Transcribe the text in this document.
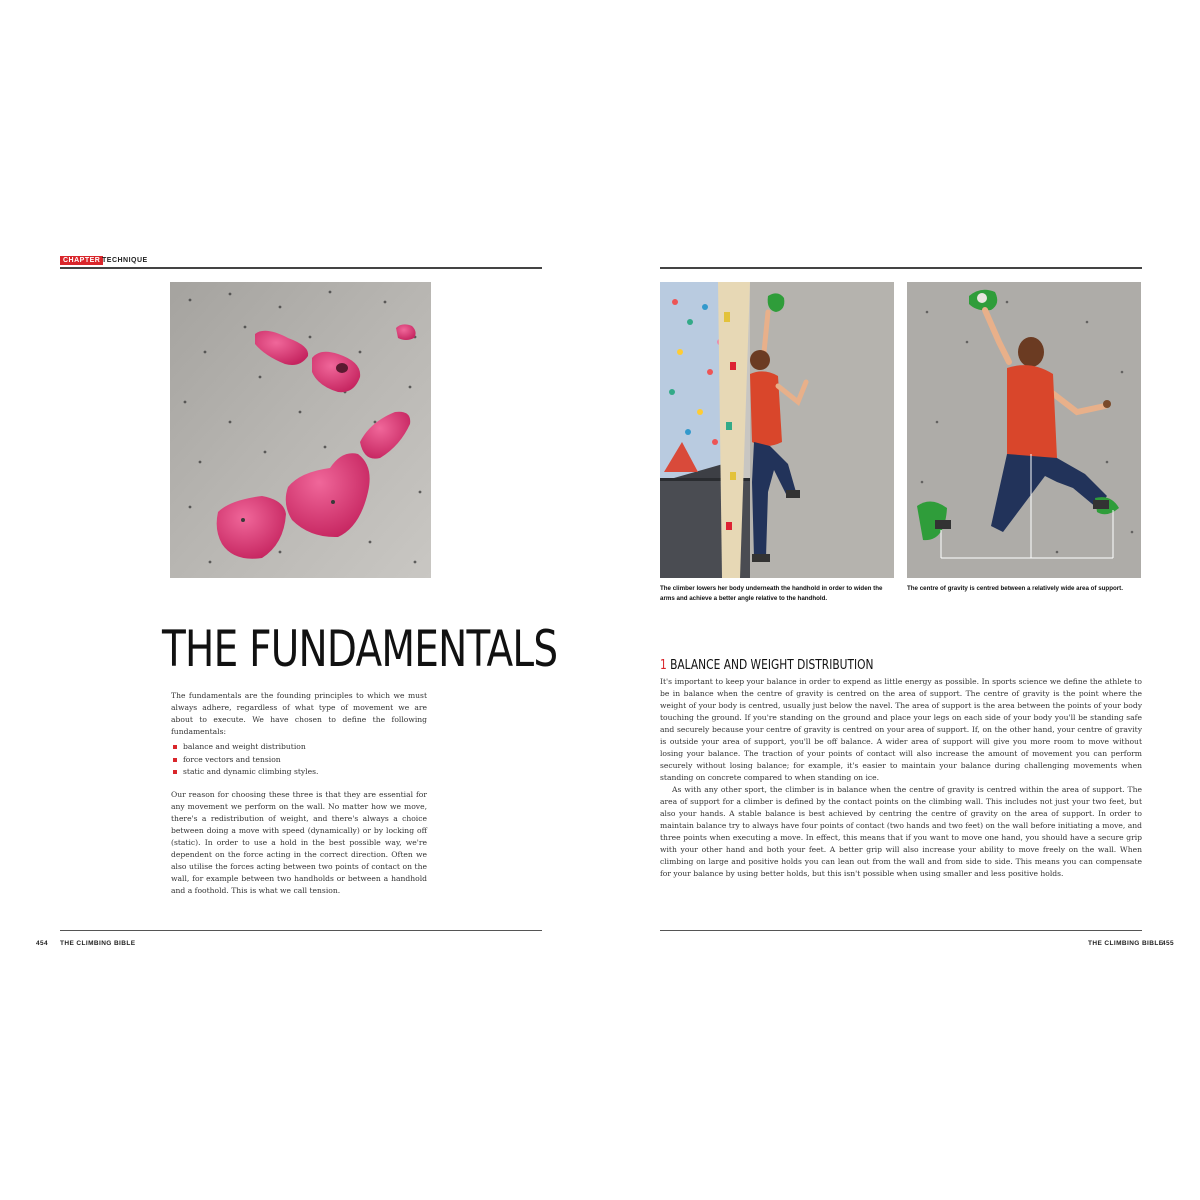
CHAPTER TECHNIQUE
THE FUNDAMENTALS

The fundamentals are the founding principles to which we must always adhere, regardless of what type of movement we are about to execute. We have chosen to define the following fundamentals:

balance and weight distribution
force vectors and tension
static and dynamic climbing styles.

Our reason for choosing these three is that they are essential for any movement we perform on the wall. No matter how we move, there's a redistribution of weight, and there's always a choice between doing a move with speed (dynamically) or by locking off (static). In order to use a hold in the best possible way, we're dependent on the force acting in the correct direction. Often we also utilise the forces acting between two points of contact on the wall, for example between two handholds or between a handhold and a foothold. This is what we call tension.

454 THE CLIMBING BIBLE
The climber lowers her body underneath the handhold in order to widen the arms and achieve a better angle relative to the handhold.
The centre of gravity is centred between a relatively wide area of support.
1 BALANCE AND WEIGHT DISTRIBUTION

It's important to keep your balance in order to expend as little energy as possible. In sports science we define the athlete to be in balance when the centre of gravity is centred on the area of support. The centre of gravity is the point where the weight of your body is centred, usually just below the navel. The area of support is the area between the points of your body touching the ground. If you're standing on the ground and place your legs on each side of your body you'll be standing safe and securely because your centre of gravity is centred on your area of support. If, on the other hand, your centre of gravity is outside your area of support, you'll be off balance. A wider area of support will give you more room to move without losing your balance. The traction of your points of contact will also increase the amount of movement you can perform securely without losing balance; for example, it's easier to maintain your balance during challenging movements when standing on concrete compared to when standing on ice.

As with any other sport, the climber is in balance when the centre of gravity is centred within the area of support. The area of support for a climber is defined by the contact points on the climbing wall. This includes not just your two feet, but also your hands. A stable balance is best achieved by centring the centre of gravity on the area of support. In order to maintain balance try to always have four points of contact (two hands and two feet) on the wall before initiating a move, and three points when executing a move. In effect, this means that if you want to move one hand, you should have a secure grip with your other hand and both your feet. A better grip will also increase your ability to move freely on the wall. When climbing on large and positive holds you can lean out from the wall and from side to side. This means you can compensate for your balance by using better holds, but this isn't possible when using smaller and less positive holds.

THE CLIMBING BIBLE
455
